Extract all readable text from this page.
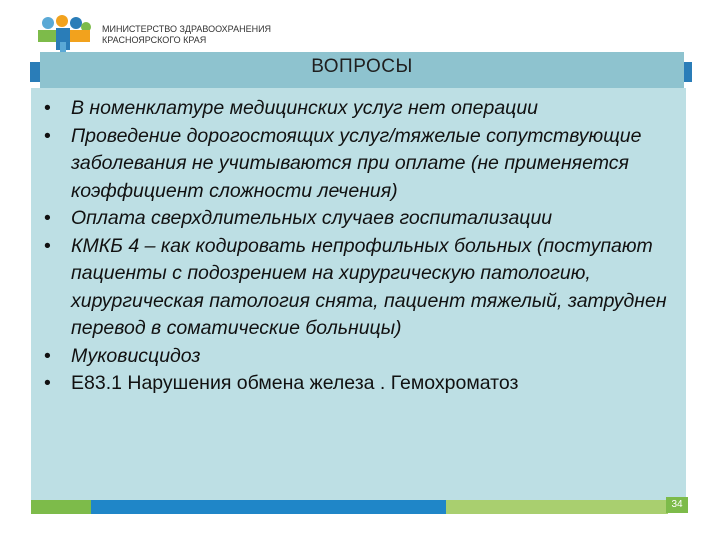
МИНИСТЕРСТВО ЗДРАВООХРАНЕНИЯ
КРАСНОЯРСКОГО КРАЯ
ВОПРОСЫ
• В номенклатуре медицинских услуг нет операции
• Проведение дорогостоящих услуг/тяжелые сопутствующие заболевания не учитываются при оплате (не применяется коэффициент сложности лечения)
• Оплата сверхдлительных случаев госпитализации
• КМКБ 4 – как кодировать непрофильных больных (поступают пациенты с подозрением на хирургическую патологию, хирургическая патология снята, пациент тяжелый, затруднен перевод в соматические больницы)
• Муковисцидоз
• Е83.1 Нарушения обмена железа . Гемохроматоз
34
